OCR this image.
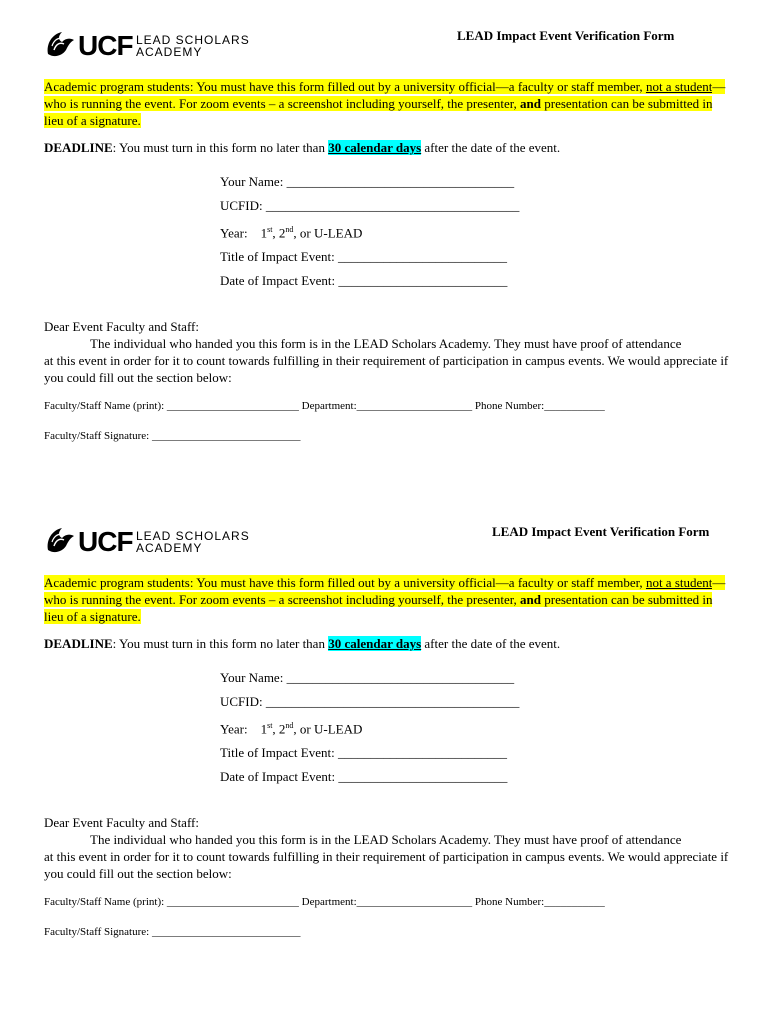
UCF LEAD SCHOLARS
ACADEMY
LEAD Impact Event Verification Form
Academic program students: You must have this form filled out by a university official—a faculty or staff member, not a student—who is running the event. For zoom events – a screenshot including yourself, the presenter, and presentation can be submitted in lieu of a signature.
DEADLINE: You must turn in this form no later than 30 calendar days after the date of the event.
Your Name: ___________________________________
UCFID: _______________________________________
Year: 1st, 2nd, or U-LEAD
Title of Impact Event: __________________________
Date of Impact Event: __________________________
Dear Event Faculty and Staff:
The individual who handed you this form is in the LEAD Scholars Academy. They must have proof of attendance
at this event in order for it to count towards fulfilling in their requirement of participation in campus events. We would appreciate if you could fill out the section below:
Faculty/Staff Name (print): ________________________ Department:_____________________ Phone Number:___________
Faculty/Staff Signature: ___________________________
UCF LEAD SCHOLARS
ACADEMY
LEAD Impact Event Verification Form
Academic program students: You must have this form filled out by a university official—a faculty or staff member, not a student—who is running the event. For zoom events – a screenshot including yourself, the presenter, and presentation can be submitted in lieu of a signature.
DEADLINE: You must turn in this form no later than 30 calendar days after the date of the event.
Your Name: ___________________________________
UCFID: _______________________________________
Year: 1st, 2nd, or U-LEAD
Title of Impact Event: __________________________
Date of Impact Event: __________________________
Dear Event Faculty and Staff:
The individual who handed you this form is in the LEAD Scholars Academy. They must have proof of attendance
at this event in order for it to count towards fulfilling in their requirement of participation in campus events. We would appreciate if you could fill out the section below:
Faculty/Staff Name (print): ________________________ Department:_____________________ Phone Number:___________
Faculty/Staff Signature: ___________________________
